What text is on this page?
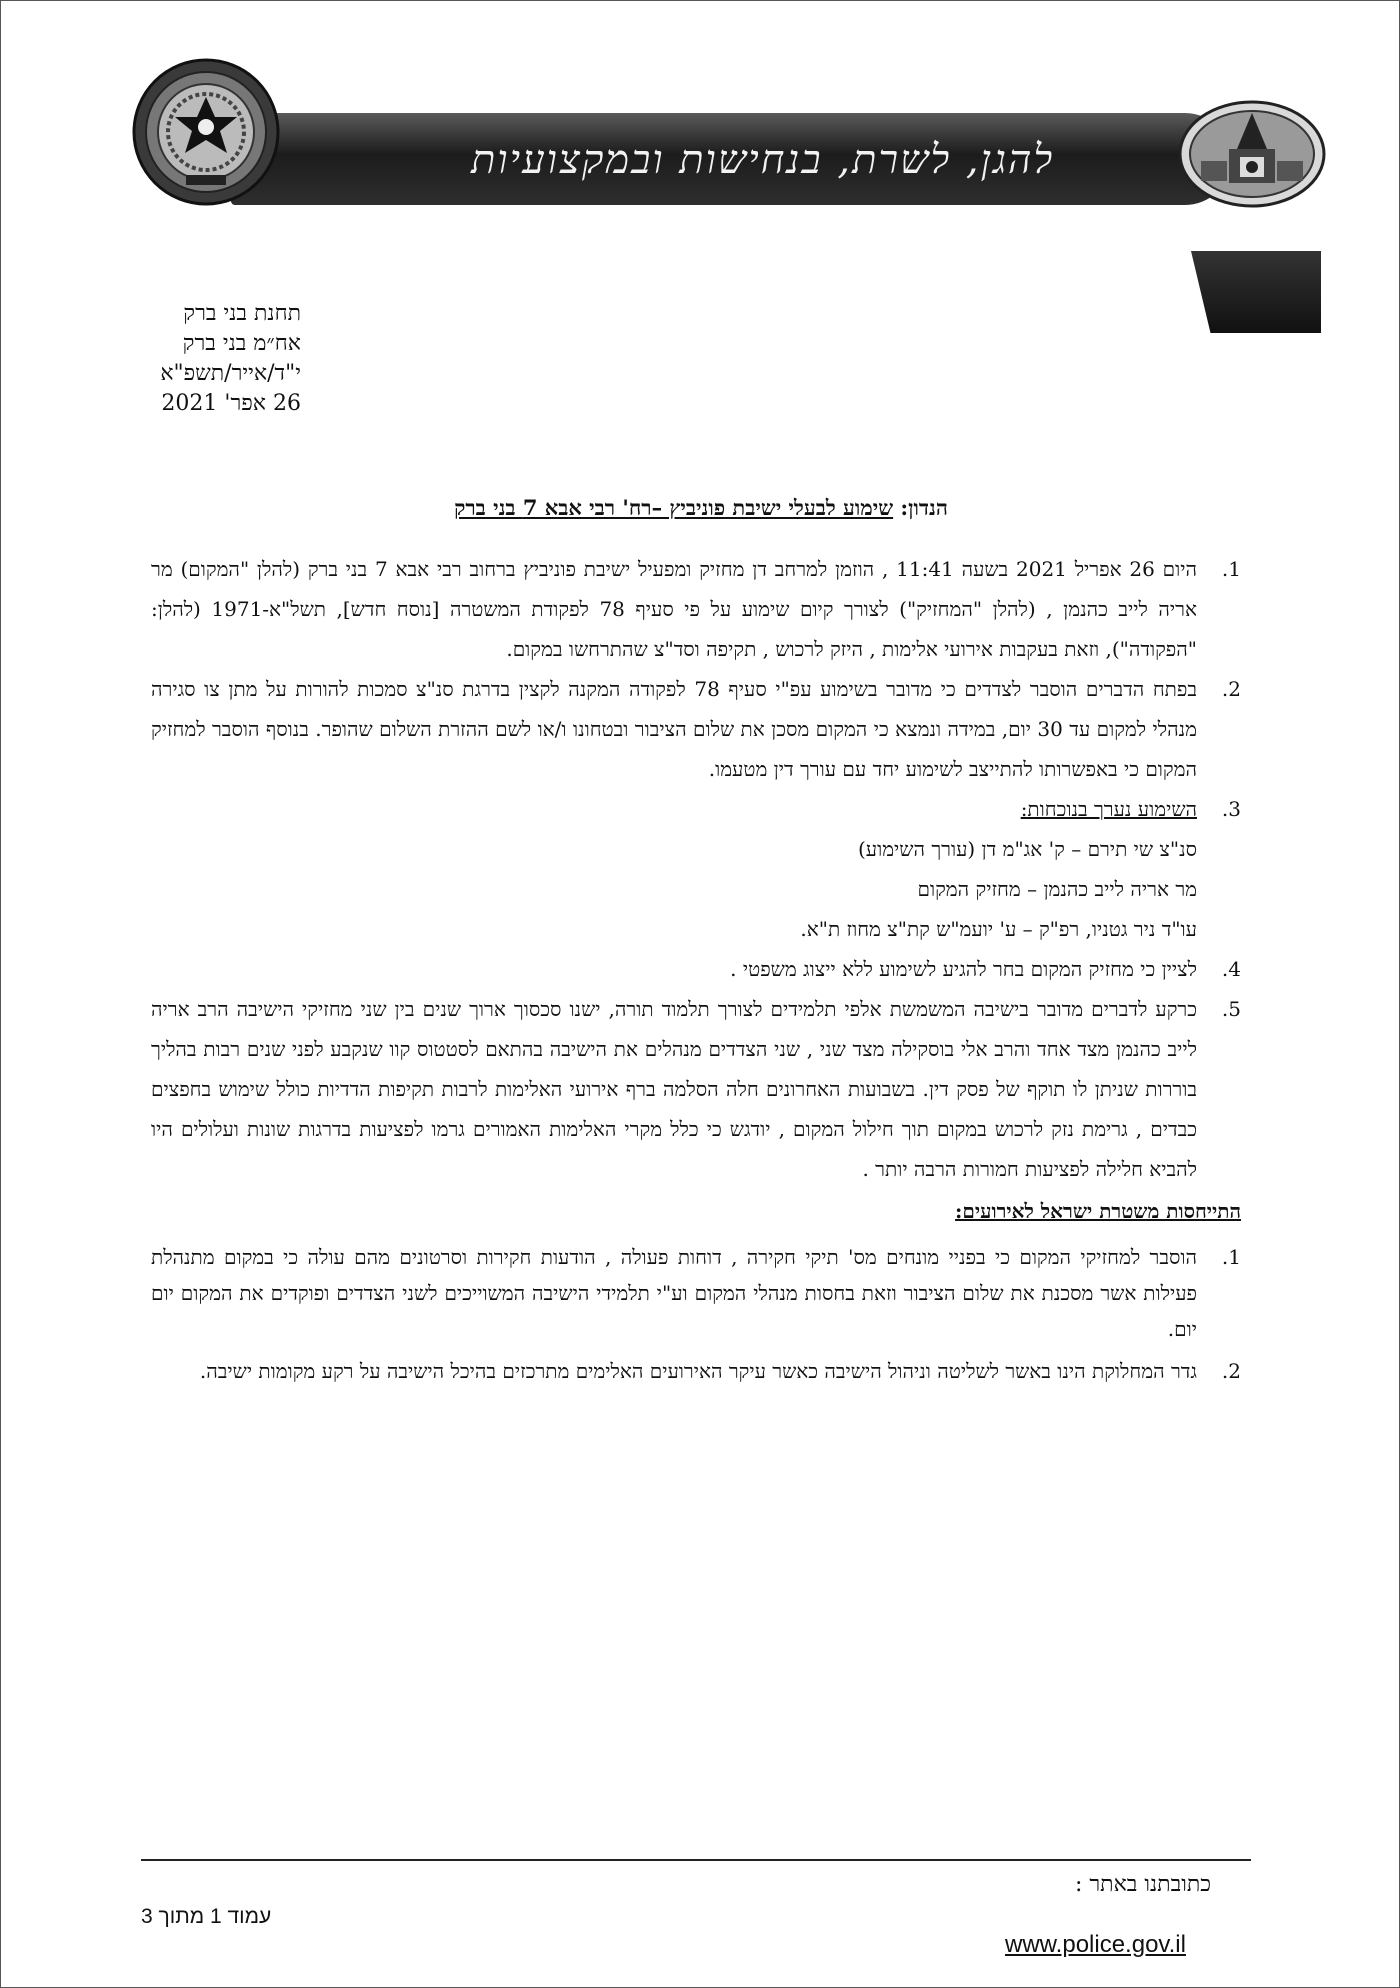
להגן, לשרת, בנחישות ובמקצועיות
תחנת בני ברק
אח״מ בני ברק
י"ד/אייר/תשפ"א
26 אפר' 2021
הנדון: שימוע לבעלי ישיבת פוניביץ –רח' רבי אבא 7 בני ברק
1.
היום 26 אפריל 2021 בשעה 11:41 , הוזמן למרחב דן מחזיק ומפעיל ישיבת פוניביץ ברחוב רבי אבא 7 בני ברק (להלן "המקום) מר אריה לייב כהנמן , (להלן "המחזיק") לצורך קיום שימוע על פי סעיף 78 לפקודת המשטרה [נוסח חדש], תשל"א-1971 (להלן: "הפקודה"), וזאת בעקבות אירועי אלימות , היזק לרכוש , תקיפה וסד"צ שהתרחשו במקום.
2.
בפתח הדברים הוסבר לצדדים כי מדובר בשימוע עפ"י סעיף 78 לפקודה המקנה לקצין בדרגת סנ"צ סמכות להורות על מתן צו סגירה מנהלי למקום עד 30 יום, במידה ונמצא כי המקום מסכן את שלום הציבור ובטחונו ו/או לשם ההזרת השלום שהופר. בנוסף הוסבר למחזיק המקום כי באפשרותו להתייצב לשימוע יחד עם עורך דין מטעמו.
3.
השימוע נערך בנוכחות:
סנ"צ שי תירם – ק' אג"מ דן (עורך השימוע)
מר אריה לייב כהנמן – מחזיק המקום
עו"ד ניר גטניו, רפ"ק – ע' יועמ"ש קת"צ מחוז ת"א.
4.
לציין כי מחזיק המקום בחר להגיע לשימוע ללא ייצוג משפטי .
5.
כרקע לדברים מדובר בישיבה המשמשת אלפי תלמידים לצורך תלמוד תורה, ישנו סכסוך ארוך שנים בין שני מחזיקי הישיבה הרב אריה לייב כהנמן מצד אחד והרב אלי בוסקילה מצד שני , שני הצדדים מנהלים את הישיבה בהתאם לסטטוס קוו שנקבע לפני שנים רבות בהליך בוררות שניתן לו תוקף של פסק דין. בשבועות האחרונים חלה הסלמה ברף אירועי האלימות לרבות תקיפות הדדיות כולל שימוש בחפצים כבדים , גרימת נזק לרכוש במקום תוך חילול המקום , יודגש כי כלל מקרי האלימות האמורים גרמו לפציעות בדרגות שונות ועלולים היו להביא חלילה לפציעות חמורות הרבה יותר .
התייחסות משטרת ישראל לאירועים:
1.
הוסבר למחזיקי המקום כי בפניי מונחים מס' תיקי חקירה , דוחות פעולה , הודעות חקירות וסרטונים מהם עולה כי במקום מתנהלת פעילות אשר מסכנת את שלום הציבור וזאת בחסות מנהלי המקום וע"י תלמידי הישיבה המשוייכים לשני הצדדים ופוקדים את המקום יום יום.
2.
גדר המחלוקת הינו באשר לשליטה וניהול הישיבה כאשר עיקר האירועים האלימים מתרכזים בהיכל הישיבה על רקע מקומות ישיבה.
כתובתנו באתר :
www.police.gov.il
עמוד 1 מתוך 3
